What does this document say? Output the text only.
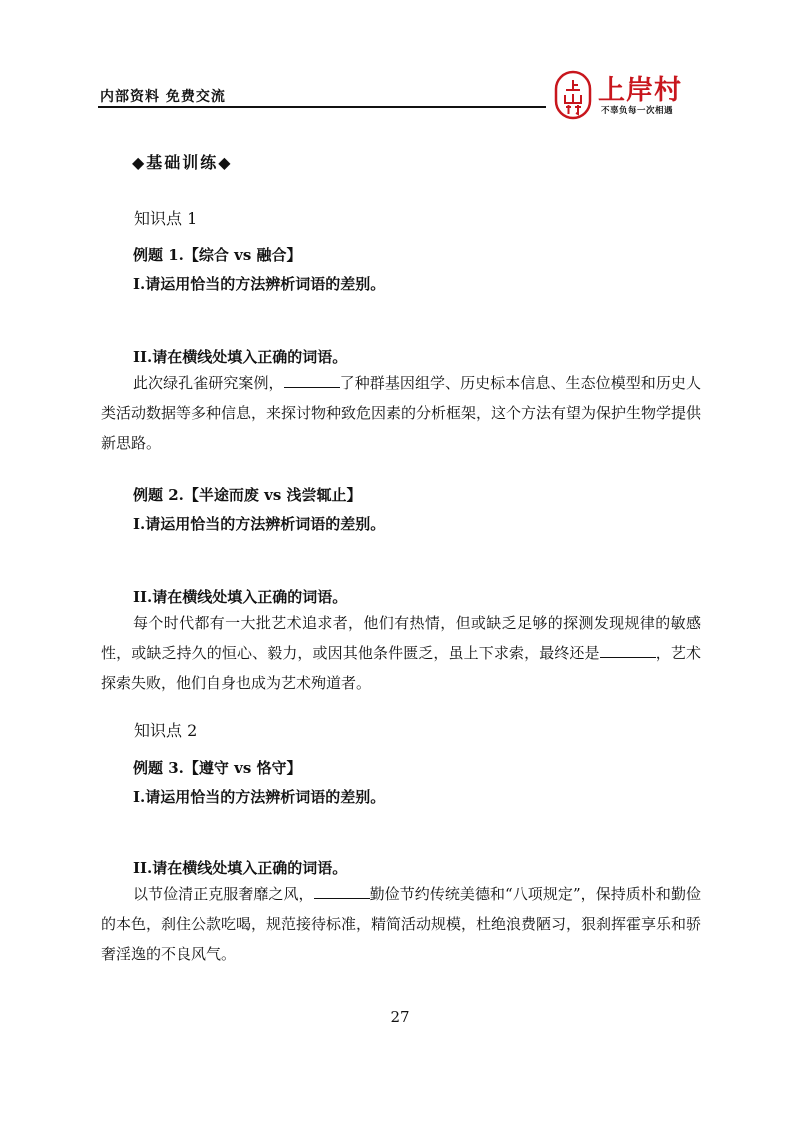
内部资料 免费交流	上岸村
不辜负每一次相遇
◆基础训练◆
知识点 1
例题 1.【综合 vs 融合】
I.请运用恰当的方法辨析词语的差别。
II.请在横线处填入正确的词语。

此次绿孔雀研究案例，	了种群基因组学、历史标本信息、生态位模型和历史人类活动数据等多种信息，来探讨物种致危因素的分析框架，这个方法有望为保护生物学提供新思路。

例题 2.【半途而废 vs 浅尝辄止】
I.请运用恰当的方法辨析词语的差别。
II.请在横线处填入正确的词语。

每个时代都有一大批艺术追求者，他们有热情，但或缺乏足够的探测发现规律的敏感性，或缺乏持久的恒心、毅力，或因其他条件匮乏，虽上下求索，最终还是	，艺术探索失败，他们自身也成为艺术殉道者。

知识点 2
例题 3.【遵守 vs 恪守】
I.请运用恰当的方法辨析词语的差别。
II.请在横线处填入正确的词语。

以节俭清正克服奢靡之风，	勤俭节约传统美德和“八项规定”，保持质朴和勤俭的本色，刹住公款吃喝，规范接待标准，精简活动规模，杜绝浪费陋习，狠刹挥霍享乐和骄奢淫逸的不良风气。

27
